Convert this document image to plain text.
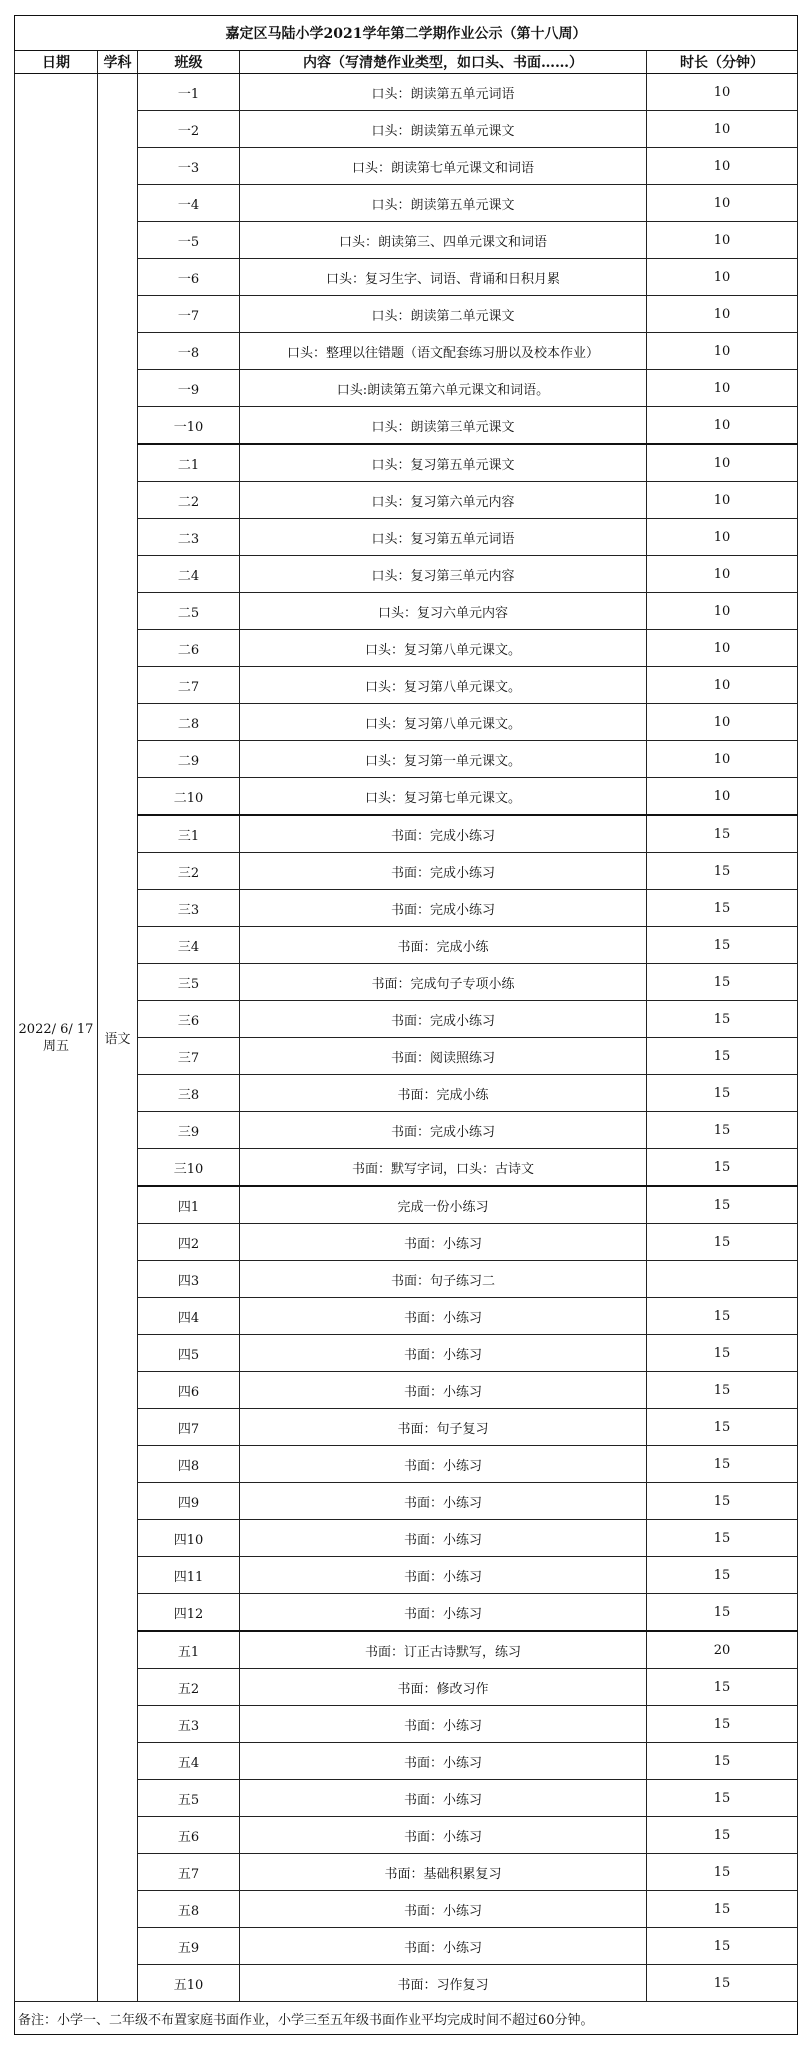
嘉定区马陆小学2021学年第二学期作业公示（第十八周）				
日期	学科	班级	内容（写清楚作业类型，如口头、书面……）	时长（分钟）

2022/ 6/ 17
周五	语文	一1	口头：朗读第五单元词语	10
		一2	口头：朗读第五单元课文	10
		一3	口头：朗读第七单元课文和词语	10
		一4	口头：朗读第五单元课文	10
		一5	口头：朗读第三、四单元课文和词语	10
		一6	口头：复习生字、词语、背诵和日积月累	10
		一7	口头：朗读第二单元课文	10
		一8	口头：整理以往错题（语文配套练习册以及校本作业）	10
		一9	口头:朗读第五第六单元课文和词语。	10
		一10	口头：朗读第三单元课文	10
		二1	口头：复习第五单元课文	10
		二2	口头：复习第六单元内容	10
		二3	口头：复习第五单元词语	10
		二4	口头：复习第三单元内容	10
		二5	口头：复习六单元内容	10
		二6	口头：复习第八单元课文。	10
		二7	口头：复习第八单元课文。	10
		二8	口头：复习第八单元课文。	10
		二9	口头：复习第一单元课文。	10
		二10	口头：复习第七单元课文。	10
		三1	书面：完成小练习	15
		三2	书面：完成小练习	15
		三3	书面：完成小练习	15
		三4	书面：完成小练	15
		三5	书面：完成句子专项小练	15
		三6	书面：完成小练习	15
		三7	书面：阅读照练习	15
		三8	书面：完成小练	15
		三9	书面：完成小练习	15
		三10	书面：默写字词，口头：古诗文	15
		四1	完成一份小练习	15
		四2	书面：小练习	15
		四3	书面：句子练习二	
		四4	书面：小练习	15
		四5	书面：小练习	15
		四6	书面：小练习	15
		四7	书面：句子复习	15
		四8	书面：小练习	15
		四9	书面：小练习	15
		四10	书面：小练习	15
		四11	书面：小练习	15
		四12	书面：小练习	15
		五1	书面：订正古诗默写，练习	20
		五2	书面：修改习作	15
		五3	书面：小练习	15
		五4	书面：小练习	15
		五5	书面：小练习	15
		五6	书面：小练习	15
		五7	书面：基础积累复习	15
		五8	书面：小练习	15
		五9	书面：小练习	15
		五10	书面：习作复习	15
备注：小学一、二年级不布置家庭书面作业，小学三至五年级书面作业平均完成时间不超过60分钟。				
